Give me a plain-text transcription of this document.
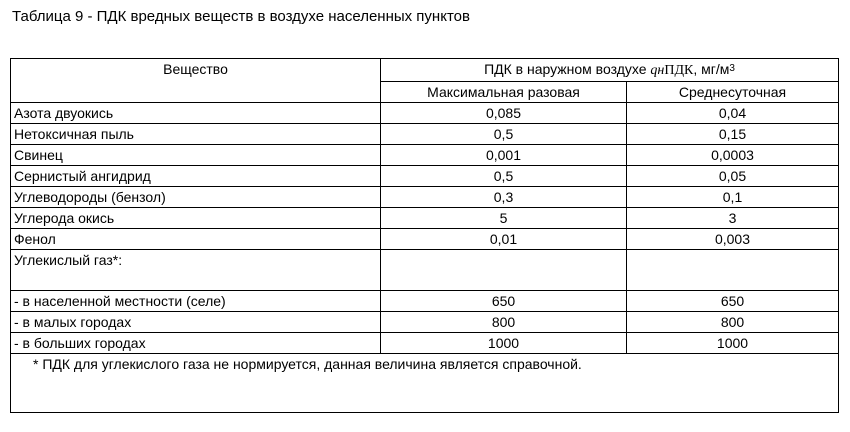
Таблица 9 - ПДК вредных веществ в воздухе населенных пунктов
Вещество	ПДК в наружном воздухе qнПДК, $мг/м^3$
	Максимальная разовая	Среднесуточная
Азота двуокись	0,085	0,04
Нетоксичная пыль	0,5	0,15
Свинец	0,001	0,0003
Сернистый ангидрид	0,5	0,05
Углеводороды (бензол)	0,3	0,1
Углерода окись	5	3
Фенол	0,01	0,003
Углекислый газ*:		
- в населенной местности (селе)	650	650
- в малых городах	800	800
- в больших городах	1000	1000
* ПДК для углекислого газа не нормируется, данная величина является справочной.		
